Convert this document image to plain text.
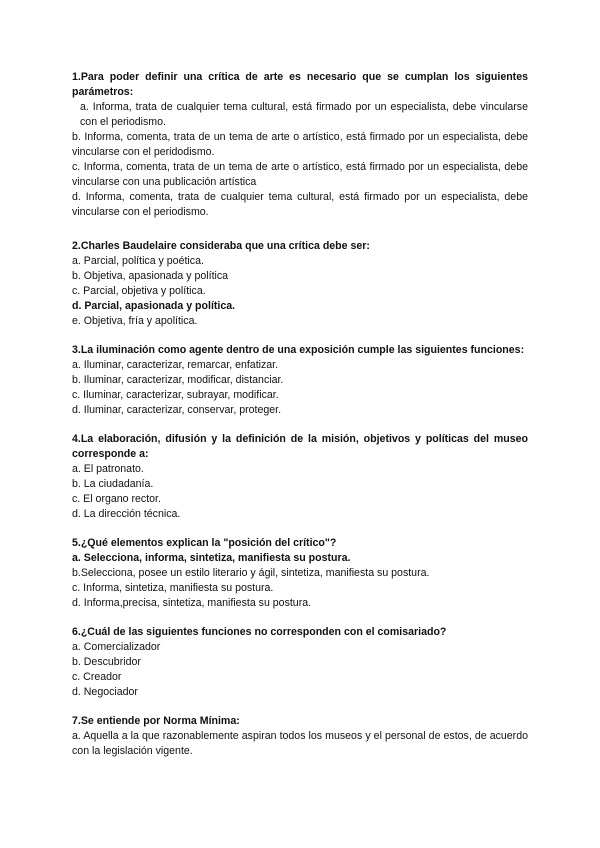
1.Para poder definir una crítica de arte es necesario que se cumplan los siguientes parámetros:

a. Informa, trata de cualquier tema cultural, está firmado por un especialista, debe vincularse con el periodismo.

b. Informa, comenta, trata de un tema de arte o artístico, está firmado por un especialista, debe vincularse con el peridodismo.

c. Informa, comenta, trata de un tema de arte o artístico, está firmado por un especialista, debe vincularse con una publicación artística

d. Informa, comenta, trata de cualquier tema cultural, está firmado por un especialista, debe vincularse con el periodismo.

2.Charles Baudelaire consideraba que una crítica debe ser:

a. Parcial, política y poética.

b. Objetiva, apasionada y política

c. Parcial, objetiva y política.

d. Parcial, apasionada y política.

e. Objetiva, fría y apolítica.

3.La iluminación como agente dentro de una exposición cumple las siguientes funciones:

a. Iluminar, caracterizar, remarcar, enfatizar.

b. Iluminar, caracterizar, modificar, distanciar.

c. Iluminar, caracterizar, subrayar, modificar.

d. Iluminar, caracterizar, conservar, proteger.

4.La elaboración, difusión y la definición de la misión, objetivos y políticas del museo corresponde a:

a. El patronato.

b. La ciudadanía.

c. El organo rector.

d. La dirección técnica.

5.¿Qué elementos explican la "posición del crítico"?

a. Selecciona, informa, sintetiza, manifiesta su postura.

b.Selecciona, posee un estilo literario y ágil, sintetiza, manifiesta su postura.

c. Informa, sintetiza, manifiesta su postura.

d. Informa,precisa, sintetiza, manifiesta su postura.

6.¿Cuál de las siguientes funciones no corresponden con el comisariado?

a. Comercializador

b. Descubridor

c. Creador

d. Negociador

7.Se entiende por Norma Mínima:

a. Aquella a la que razonablemente aspiran todos los museos y el personal de estos, de acuerdo con la legislación vigente.
